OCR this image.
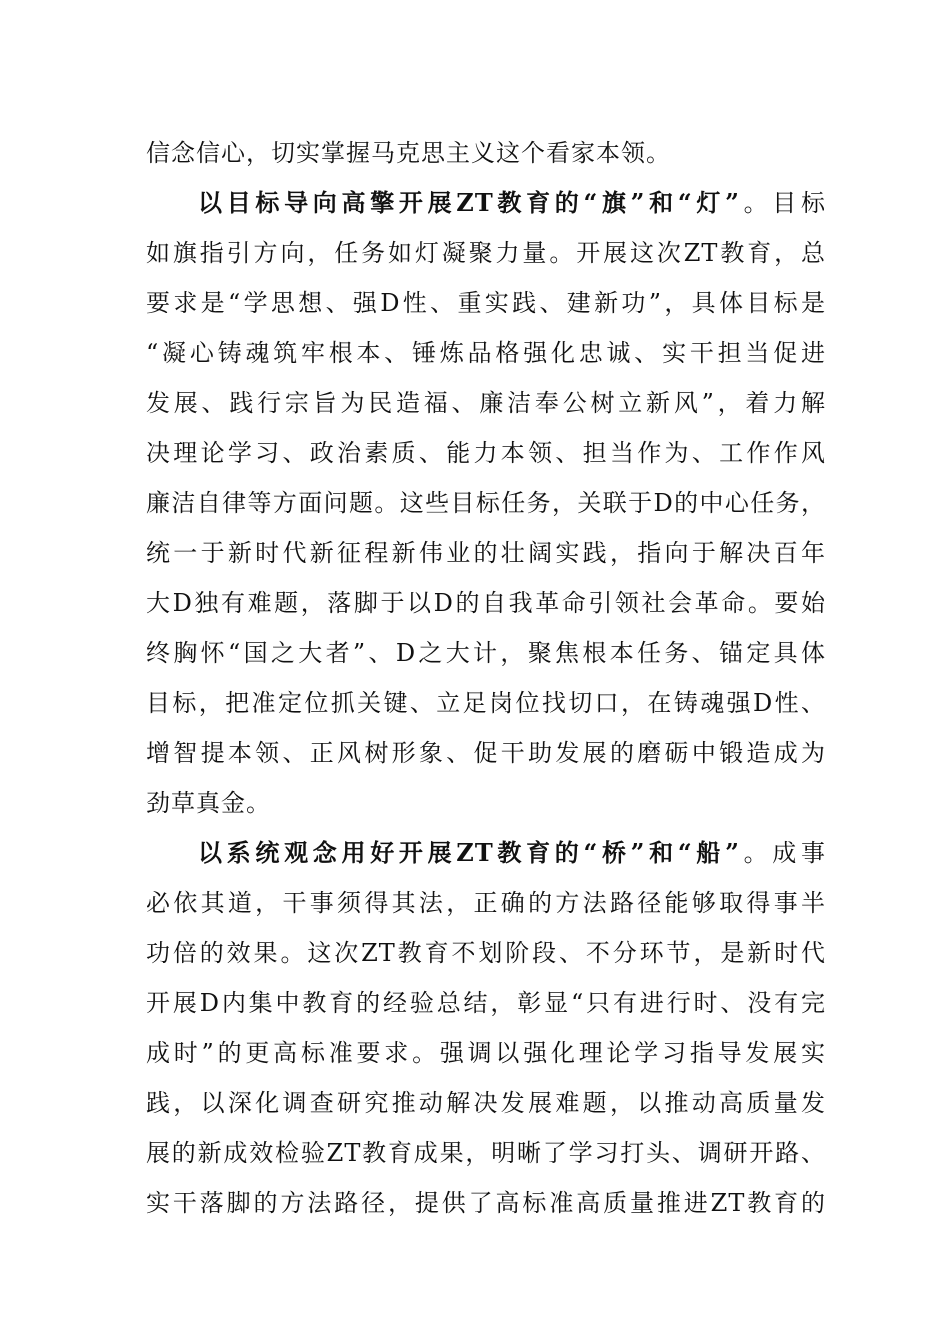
信念信心，切实掌握马克思主义这个看家本领。
以目标导向高擎开展ZT教育的“旗”和“灯”。目标
如旗指引方向，任务如灯凝聚力量。开展这次ZT教育，总
要求是“学思想、强D性、重实践、建新功”，具体目标是
“凝心铸魂筑牢根本、锤炼品格强化忠诚、实干担当促进
发展、践行宗旨为民造福、廉洁奉公树立新风”，着力解
决理论学习、政治素质、能力本领、担当作为、工作作风
廉洁自律等方面问题。这些目标任务，关联于D的中心任务，
统一于新时代新征程新伟业的壮阔实践，指向于解决百年
大D独有难题，落脚于以D的自我革命引领社会革命。要始
终胸怀“国之大者”、D之大计，聚焦根本任务、锚定具体
目标，把准定位抓关键、立足岗位找切口，在铸魂强D性、
增智提本领、正风树形象、促干助发展的磨砺中锻造成为
劲草真金。
以系统观念用好开展ZT教育的“桥”和“船”。成事
必依其道，干事须得其法，正确的方法路径能够取得事半
功倍的效果。这次ZT教育不划阶段、不分环节，是新时代
开展D内集中教育的经验总结，彰显“只有进行时、没有完
成时”的更高标准要求。强调以强化理论学习指导发展实
践，以深化调查研究推动解决发展难题，以推动高质量发
展的新成效检验ZT教育成果，明晰了学习打头、调研开路、
实干落脚的方法路径，提供了高标准高质量推进ZT教育的
